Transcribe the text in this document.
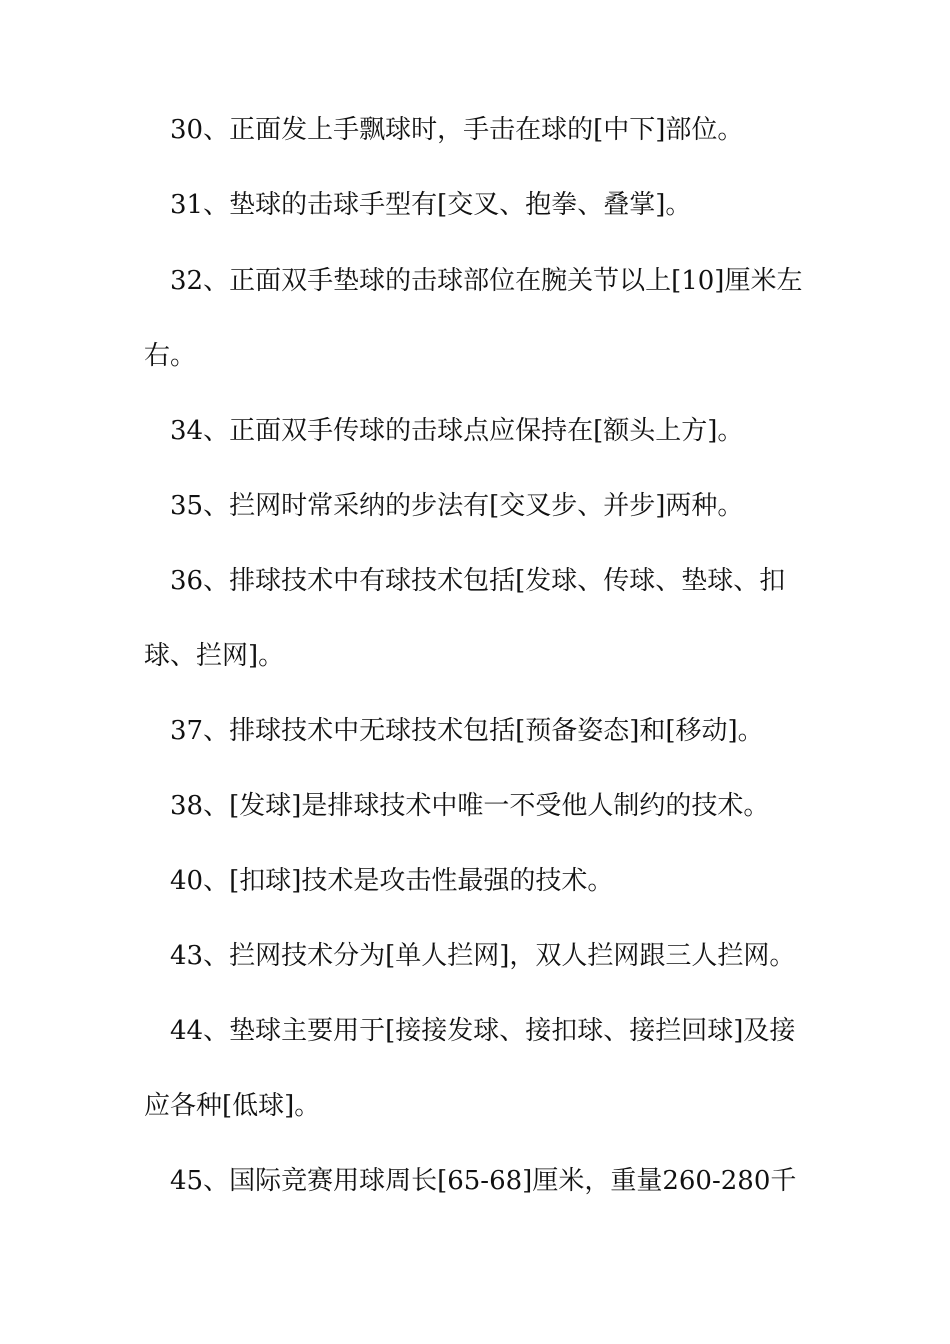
30、正面发上手飘球时，手击在球的[中下]部位。
31、垫球的击球手型有[交叉、抱拳、叠掌]。
32、正面双手垫球的击球部位在腕关节以上[10]厘米左
右。
34、正面双手传球的击球点应保持在[额头上方]。
35、拦网时常采纳的步法有[交叉步、并步]两种。
36、排球技术中有球技术包括[发球、传球、垫球、扣
球、拦网]。
37、排球技术中无球技术包括[预备姿态]和[移动]。
38、[发球]是排球技术中唯一不受他人制约的技术。
40、[扣球]技术是攻击性最强的技术。
43、拦网技术分为[单人拦网]，双人拦网跟三人拦网。
44、垫球主要用于[接接发球、接扣球、接拦回球]及接
应各种[低球]。
45、国际竞赛用球周长[65-68]厘米，重量260-280千
